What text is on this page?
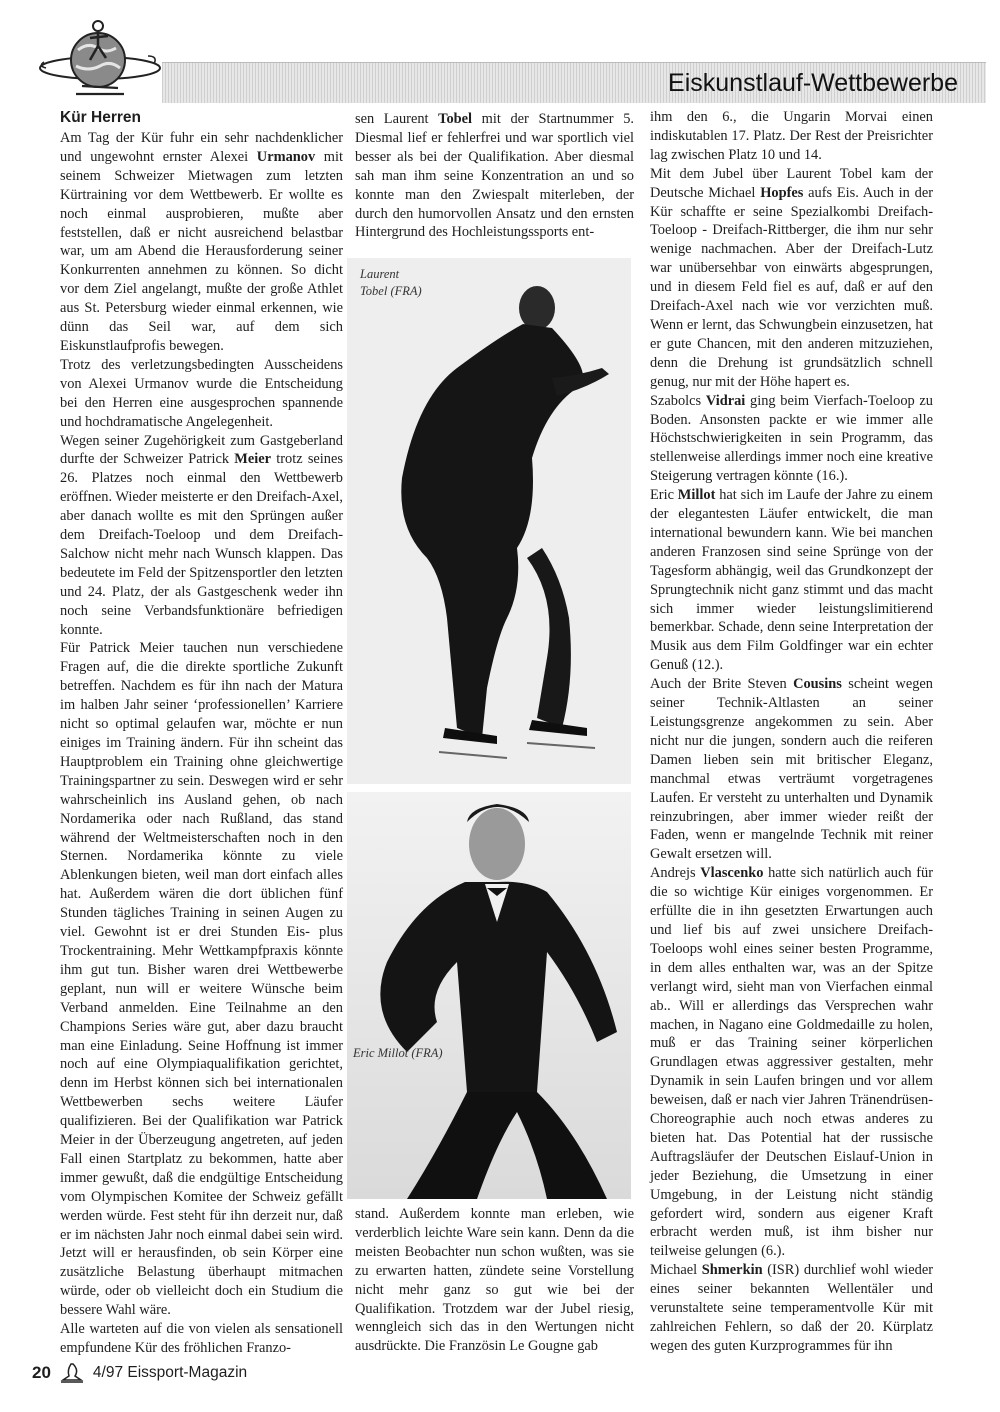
Eiskunstlauf-Wettbewerbe
Kür Herren

Am Tag der Kür fuhr ein sehr nachdenklicher und ungewohnt ernster Alexei Urmanov mit seinem Schweizer Mietwagen zum letzten Kürtraining vor dem Wettbewerb. Er wollte es noch einmal ausprobieren, mußte aber feststellen, daß er nicht ausreichend belastbar war, um am Abend die Herausforderung seiner Konkurrenten annehmen zu können. So dicht vor dem Ziel angelangt, mußte der große Athlet aus St. Petersburg wieder einmal erkennen, wie dünn das Seil war, auf dem sich Eiskunstlaufprofis bewegen.

Trotz des verletzungsbedingten Ausscheidens von Alexei Urmanov wurde die Entscheidung bei den Herren eine ausgesprochen spannende und hochdramatische Angelegenheit.

Wegen seiner Zugehörigkeit zum Gastgeberland durfte der Schweizer Patrick Meier trotz seines 26. Platzes noch einmal den Wettbewerb eröffnen. Wieder meisterte er den Dreifach-Axel, aber danach wollte es mit den Sprüngen außer dem Dreifach-Toeloop und dem Dreifach-Salchow nicht mehr nach Wunsch klappen. Das bedeutete im Feld der Spitzensportler den letzten und 24. Platz, der als Gastgeschenk weder ihn noch seine Verbandsfunktionäre befriedigen konnte.

Für Patrick Meier tauchen nun verschiedene Fragen auf, die die direkte sportliche Zukunft betreffen. Nachdem es für ihn nach der Matura im halben Jahr seiner ‘professionellen’ Karriere nicht so optimal gelaufen war, möchte er nun einiges im Training ändern. Für ihn scheint das Hauptproblem ein Training ohne gleichwertige Trainingspartner zu sein. Deswegen wird er sehr wahrscheinlich ins Ausland gehen, ob nach Nordamerika oder nach Rußland, das stand während der Weltmeisterschaften noch in den Sternen. Nordamerika könnte zu viele Ablenkungen bieten, weil man dort einfach alles hat. Außerdem wären die dort üblichen fünf Stunden tägliches Training in seinen Augen zu viel. Gewohnt ist er drei Stunden Eis- plus Trockentraining. Mehr Wettkampfpraxis könnte ihm gut tun. Bisher waren drei Wettbewerbe geplant, nun will er weitere Wünsche beim Verband anmelden. Eine Teilnahme an den Champions Series wäre gut, aber dazu braucht man eine Einladung. Seine Hoffnung ist immer noch auf eine Olympiaqualifikation gerichtet, denn im Herbst können sich bei internationalen Wettbewerben sechs weitere Läufer qualifizieren. Bei der Qualifikation war Patrick Meier in der Überzeugung angetreten, auf jeden Fall einen Startplatz zu bekommen, hatte aber immer gewußt, daß die endgültige Entscheidung vom Olympischen Komitee der Schweiz gefällt werden würde. Fest steht für ihn derzeit nur, daß er im nächsten Jahr noch einmal dabei sein wird. Jetzt will er herausfinden, ob sein Körper eine zusätzliche Belastung überhaupt mitmachen würde, oder ob vielleicht doch ein Studium die bessere Wahl wäre.

Alle warteten auf die von vielen als sensationell empfundene Kür des fröhlichen Franzo-

sen Laurent Tobel mit der Startnummer 5. Diesmal lief er fehlerfrei und war sportlich viel besser als bei der Qualifikation. Aber diesmal sah man ihm seine Konzentration an und so konnte man den Zwiespalt miterleben, der durch den humorvollen Ansatz und den ernsten Hintergrund des Hochleistungssports ent-

Laurent
Tobel (FRA)
Eric Millot (FRA)

stand. Außerdem konnte man erleben, wie verderblich leichte Ware sein kann. Denn da die meisten Beobachter nun schon wußten, was sie zu erwarten hatten, zündete seine Vorstellung nicht mehr ganz so gut wie bei der Qualifikation. Trotzdem war der Jubel riesig, wenngleich sich das in den Wertungen nicht ausdrückte. Die Französin Le Gougne gab

ihm den 6., die Ungarin Morvai einen indiskutablen 17. Platz. Der Rest der Preisrichter lag zwischen Platz 10 und 14.

Mit dem Jubel über Laurent Tobel kam der Deutsche Michael Hopfes aufs Eis. Auch in der Kür schaffte er seine Spezialkombi Dreifach-Toeloop - Dreifach-Rittberger, die ihm nur sehr wenige nachmachen. Aber der Dreifach-Lutz war unübersehbar von einwärts abgesprungen, und in diesem Feld fiel es auf, daß er auf den Dreifach-Axel nach wie vor verzichten muß. Wenn er lernt, das Schwungbein einzusetzen, hat er gute Chancen, mit den anderen mitzuziehen, denn die Drehung ist grundsätzlich schnell genug, nur mit der Höhe hapert es.

Szabolcs Vidrai ging beim Vierfach-Toeloop zu Boden. Ansonsten packte er wie immer alle Höchstschwierigkeiten in sein Programm, das stellenweise allerdings immer noch eine kreative Steigerung vertragen könnte (16.).

Eric Millot hat sich im Laufe der Jahre zu einem der elegantesten Läufer entwickelt, die man international bewundern kann. Wie bei manchen anderen Franzosen sind seine Sprünge von der Tagesform abhängig, weil das Grundkonzept der Sprungtechnik nicht ganz stimmt und das macht sich immer wieder leistungslimitierend bemerkbar. Schade, denn seine Interpretation der Musik aus dem Film Goldfinger war ein echter Genuß (12.).

Auch der Brite Steven Cousins scheint wegen seiner Technik-Altlasten an seiner Leistungsgrenze angekommen zu sein. Aber nicht nur die jungen, sondern auch die reiferen Damen lieben sein mit britischer Eleganz, manchmal etwas verträumt vorgetragenes Laufen. Er versteht zu unterhalten und Dynamik reinzubringen, aber immer wieder reißt der Faden, wenn er mangelnde Technik mit reiner Gewalt ersetzen will.

Andrejs Vlascenko hatte sich natürlich auch für die so wichtige Kür einiges vorgenommen. Er erfüllte die in ihn gesetzten Erwartungen auch und lief bis auf zwei unsichere Dreifach-Toeloops wohl eines seiner besten Programme, in dem alles enthalten war, was an der Spitze verlangt wird, sieht man von Vierfachen einmal ab.. Will er allerdings das Versprechen wahr machen, in Nagano eine Goldmedaille zu holen, muß er das Training seiner körperlichen Grundlagen etwas aggressiver gestalten, mehr Dynamik in sein Laufen bringen und vor allem beweisen, daß er nach vier Jahren Tränendrüsen-Choreographie auch noch etwas anderes zu bieten hat. Das Potential hat der russische Auftragsläufer der Deutschen Eislauf-Union in jeder Beziehung, die Umsetzung in einer Umgebung, in der Leistung nicht ständig gefordert wird, sondern aus eigener Kraft erbracht werden muß, ist ihm bisher nur teilweise gelungen (6.).

Michael Shmerkin (ISR) durchlief wohl wieder eines seiner bekannten Wellentäler und verunstaltete seine temperamentvolle Kür mit zahlreichen Fehlern, so daß der 20. Kürplatz wegen des guten Kurzprogrammes für ihn

20	4/97 Eissport-Magazin
